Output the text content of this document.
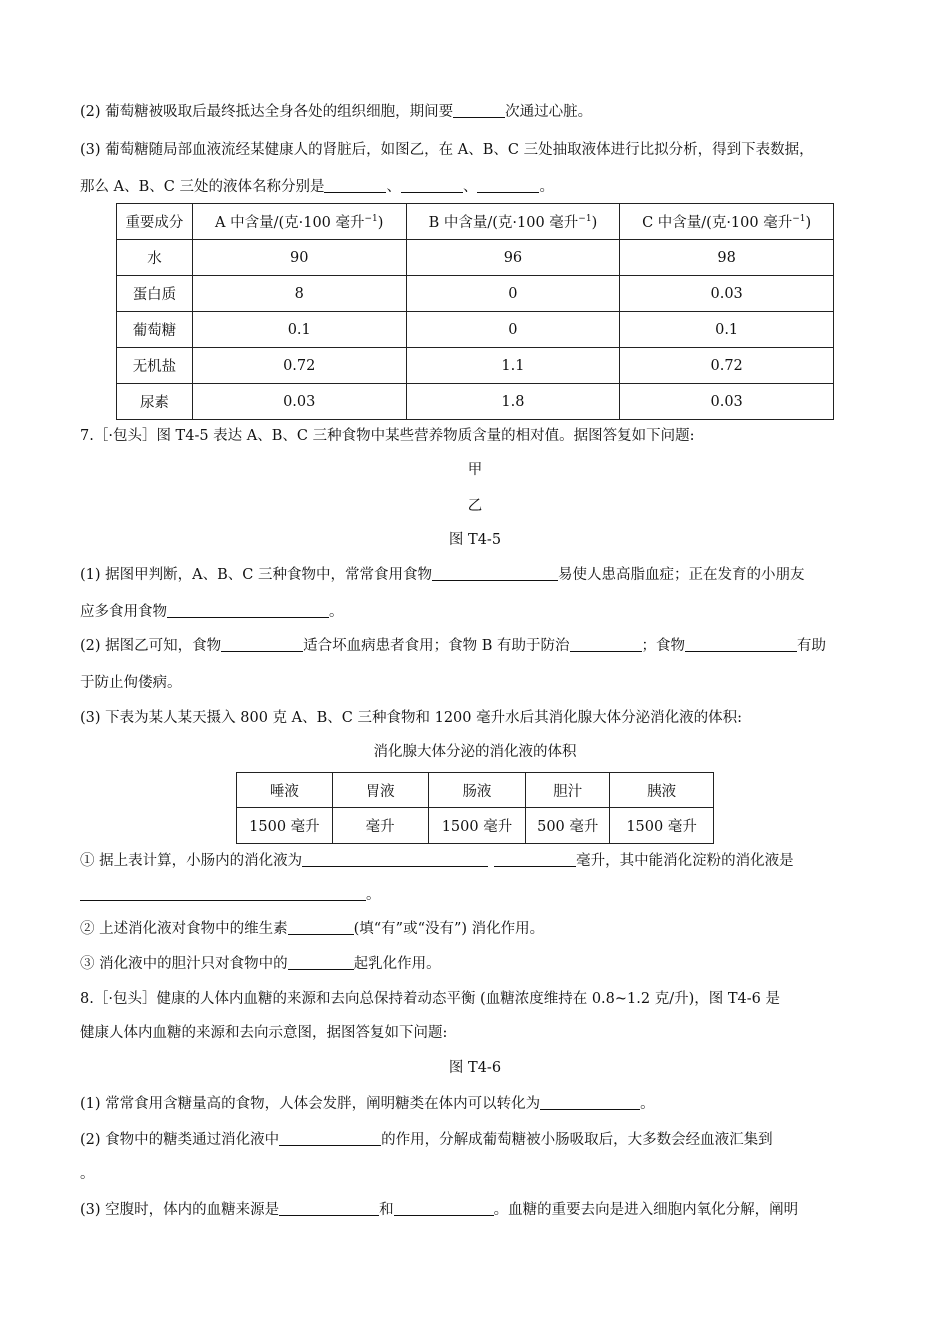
(2) 葡萄糖被吸取后最终抵达全身各处的组织细胞，期间要	次通过心脏。
(3) 葡萄糖随局部血液流经某健康人的肾脏后，如图乙，在 A、B、C 三处抽取液体进行比拟分析，得到下表数据，
那么 A、B、C 三处的液体名称分别是	、	、	。
重要成分	A 中含量/(克·100 毫升$^{-1}$)	B 中含量/(克·100 毫升$^{-1}$)	C 中含量/(克·100 毫升$^{-1}$)
水	90	96	98
蛋白质	8	0	0.03
葡萄糖	0.1	0	0.1
无机盐	0.72	1.1	0.72
尿素	0.03	1.8	0.03
7.［·包头］图 T4-5 表达 A、B、C 三种食物中某些营养物质含量的相对值。据图答复如下问题:
甲
乙
图 T4-5
(1) 据图甲判断，A、B、C 三种食物中，常常食用食物	易使人患高脂血症；正在发育的小朋友
应多食用食物	。
(2) 据图乙可知，食物	适合坏血病患者食用；食物 B 有助于防治	；食物	有助
于防止佝偻病。
(3) 下表为某人某天摄入 800 克 A、B、C 三种食物和 1200 毫升水后其消化腺大体分泌消化液的体积:
消化腺大体分泌的消化液的体积
唾液	胃液	肠液	胆汁	胰液
1500 毫升	毫升	1500 毫升	500 毫升	1500 毫升
① 据上表计算，小肠内的消化液为	毫升，其中能消化淀粉的消化液是
。
② 上述消化液对食物中的维生素	(填“有”或“没有”) 消化作用。
③ 消化液中的胆汁只对食物中的	起乳化作用。
8.［·包头］健康的人体内血糖的来源和去向总保持着动态平衡 (血糖浓度维持在 0.8~1.2 克/升)，图 T4-6 是
健康人体内血糖的来源和去向示意图，据图答复如下问题:
图 T4-6
(1) 常常食用含糖量高的食物，人体会发胖，阐明糖类在体内可以转化为	。
(2) 食物中的糖类通过消化液中	的作用，分解成葡萄糖被小肠吸取后，大多数会经血液汇集到
。
(3) 空腹时，体内的血糖来源是	和	。血糖的重要去向是进入细胞内氧化分解，阐明
